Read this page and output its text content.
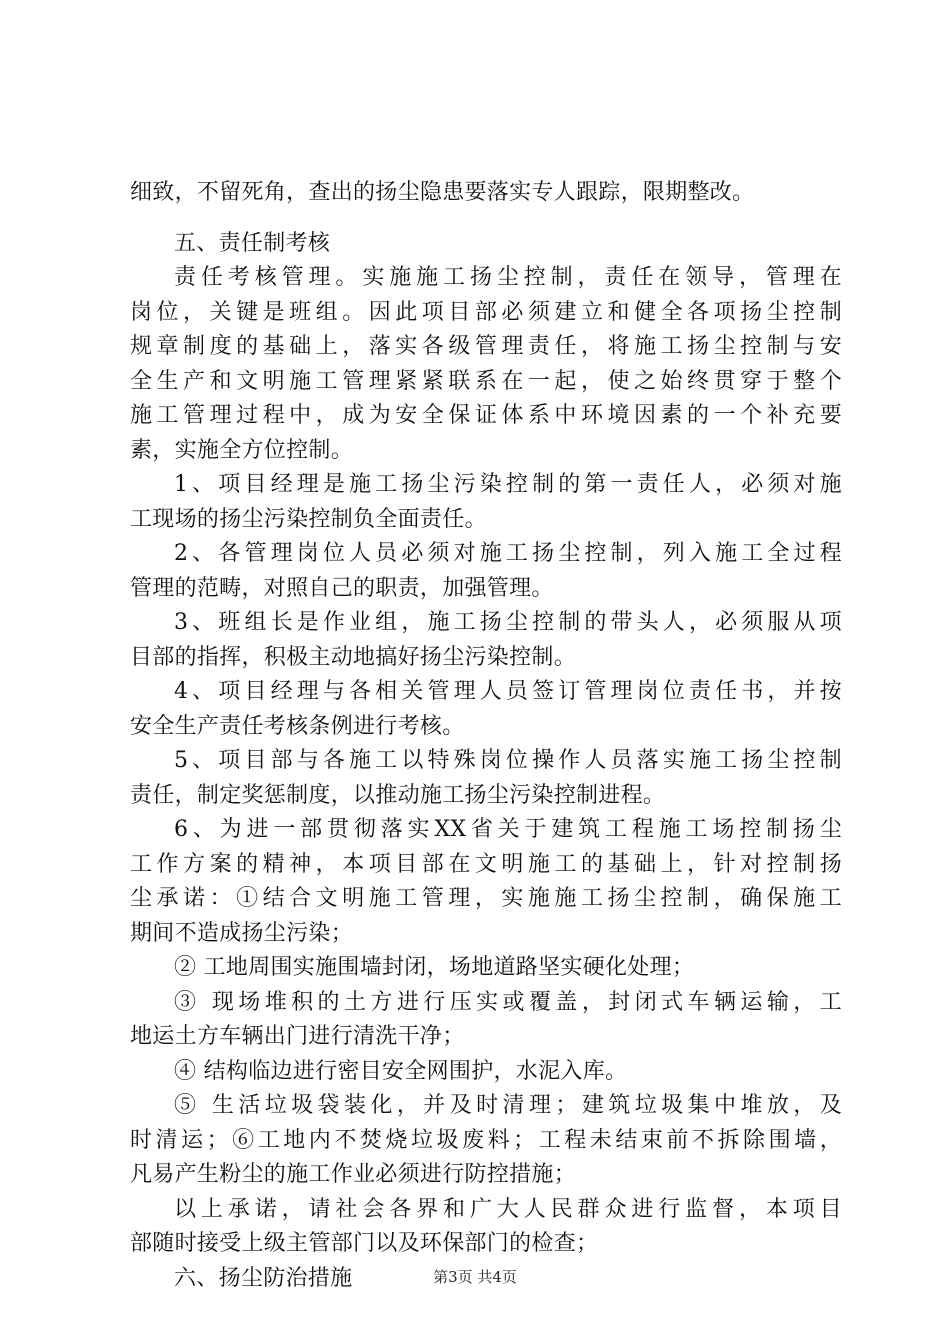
细致，不留死角，查出的扬尘隐患要落实专人跟踪，限期整改。
五、责任制考核
责任考核管理。实施施工扬尘控制，责任在领导，管理在
岗位，关键是班组。因此项目部必须建立和健全各项扬尘控制
规章制度的基础上，落实各级管理责任，将施工扬尘控制与安
全生产和文明施工管理紧紧联系在一起，使之始终贯穿于整个
施工管理过程中，成为安全保证体系中环境因素的一个补充要
素，实施全方位控制。
1、项目经理是施工扬尘污染控制的第一责任人，必须对施
工现场的扬尘污染控制负全面责任。
2、各管理岗位人员必须对施工扬尘控制，列入施工全过程
管理的范畴，对照自己的职责，加强管理。
3、班组长是作业组，施工扬尘控制的带头人，必须服从项
目部的指挥，积极主动地搞好扬尘污染控制。
4、项目经理与各相关管理人员签订管理岗位责任书，并按
安全生产责任考核条例进行考核。
5、项目部与各施工以特殊岗位操作人员落实施工扬尘控制
责任，制定奖惩制度，以推动施工扬尘污染控制进程。
6、为进一部贯彻落实XX省关于建筑工程施工场控制扬尘
工作方案的精神，本项目部在文明施工的基础上，针对控制扬
尘承诺：①结合文明施工管理，实施施工扬尘控制，确保施工
期间不造成扬尘污染；
② 工地周围实施围墙封闭，场地道路坚实硬化处理；
③ 现场堆积的土方进行压实或覆盖，封闭式车辆运输，工
地运土方车辆出门进行清洗干净；
④ 结构临边进行密目安全网围护，水泥入库。
⑤ 生活垃圾袋装化，并及时清理；建筑垃圾集中堆放，及
时清运；⑥工地内不焚烧垃圾废料；工程未结束前不拆除围墙，
凡易产生粉尘的施工作业必须进行防控措施；
以上承诺，请社会各界和广大人民群众进行监督，本项目
部随时接受上级主管部门以及环保部门的检查；
六、扬尘防治措施	第3页 共4页
